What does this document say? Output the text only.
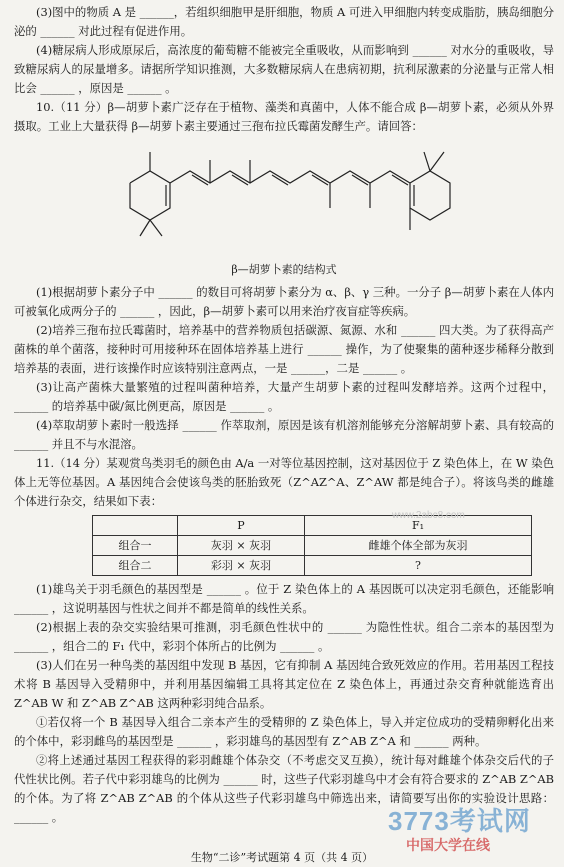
(3)图中的物质 A 是 ______，若组织细胞甲是肝细胞，物质 A 可进入甲细胞内转变成脂肪，胰岛细胞分泌的 ______ 对此过程有促进作用。

(4)糖尿病人形成原尿后，高浓度的葡萄糖不能被完全重吸收，从而影响到 ______ 对水分的重吸收，导致糖尿病人的尿量增多。请据所学知识推测，大多数糖尿病人在患病初期，抗利尿激素的分泌量与正常人相比会 ______ ，原因是 ______ 。

10.（11 分）β—胡萝卜素广泛存在于植物、藻类和真菌中，人体不能合成 β—胡萝卜素，必须从外界摄取。工业上大量获得 β—胡萝卜素主要通过三孢布拉氏霉菌发酵生产。请回答：

β—胡萝卜素的结构式

(1)根据胡萝卜素分子中 ______ 的数目可将胡萝卜素分为 α、β、γ 三种。一分子 β—胡萝卜素在人体内可被氧化成两分子的 ______ ，因此，β—胡萝卜素可以用来治疗夜盲症等疾病。

(2)培养三孢布拉氏霉菌时，培养基中的营养物质包括碳源、氮源、水和 ______ 四大类。为了获得高产菌株的单个菌落，接种时可用接种环在固体培养基上进行 ______ 操作，为了使聚集的菌种逐步稀释分散到培养基的表面，进行该操作时应该特别注意两点，一是 ______，二是 ______ 。

(3)让高产菌株大量繁殖的过程叫菌种培养，大量产生胡萝卜素的过程叫发酵培养。这两个过程中，______ 的培养基中碳/氮比例更高，原因是 ______ 。

(4)萃取胡萝卜素时一般选择 ______ 作萃取剂，原因是该有机溶剂能够充分溶解胡萝卜素、具有较高的 ______ 并且不与水混溶。

11.（14 分）某观赏鸟类羽毛的颜色由 A/a 一对等位基因控制，这对基因位于 Z 染色体上，在 W 染色体上无等位基因。A 基因纯合会使该鸟类的胚胎致死（Z^AZ^A、Z^AW 都是纯合子）。将该鸟类的雌雄个体进行杂交，结果如下表：

	P	F₁
组合一	灰羽 × 灰羽	雌雄个体全部为灰羽
组合二	彩羽 × 灰羽	?

(1)雄鸟关于羽毛颜色的基因型是 ______ 。位于 Z 染色体上的 A 基因既可以决定羽毛颜色，还能影响 ______ ，这说明基因与性状之间并不都是简单的线性关系。

(2)根据上表的杂交实验结果可推测，羽毛颜色性状中的 ______ 为隐性性状。组合二亲本的基因型为 ______ ，组合二的 F₁ 代中，彩羽个体所占的比例为 ______ 。

(3)人们在另一种鸟类的基因组中发现 B 基因，它有抑制 A 基因纯合致死效应的作用。若用基因工程技术将 B 基因导入受精卵中，并利用基因编辑工具将其定位在 Z 染色体上，再通过杂交育种就能选育出 Z^AB W 和 Z^AB Z^AB 这两种彩羽纯合品系。

①若仅将一个 B 基因导入组合二亲本产生的受精卵的 Z 染色体上，导入并定位成功的受精卵孵化出来的个体中，彩羽雌鸟的基因型是 ______ ，彩羽雄鸟的基因型有 Z^AB Z^A 和 ______ 两种。

②将上述通过基因工程获得的彩羽雌雄个体杂交（不考虑交叉互换），统计每对雌雄个体杂交后代的子代性状比例。若子代中彩羽雄鸟的比例为 ______ 时，这些子代彩羽雄鸟中才会有符合要求的 Z^AB Z^AB 的个体。为了将 Z^AB Z^AB 的个体从这些子代彩羽雄鸟中筛选出来，请简要写出你的实验设计思路： ______ 。

生物“二诊”考试题第 4 页（共 4 页）
www.2abc8.com
3773考试网
中国大学在线
